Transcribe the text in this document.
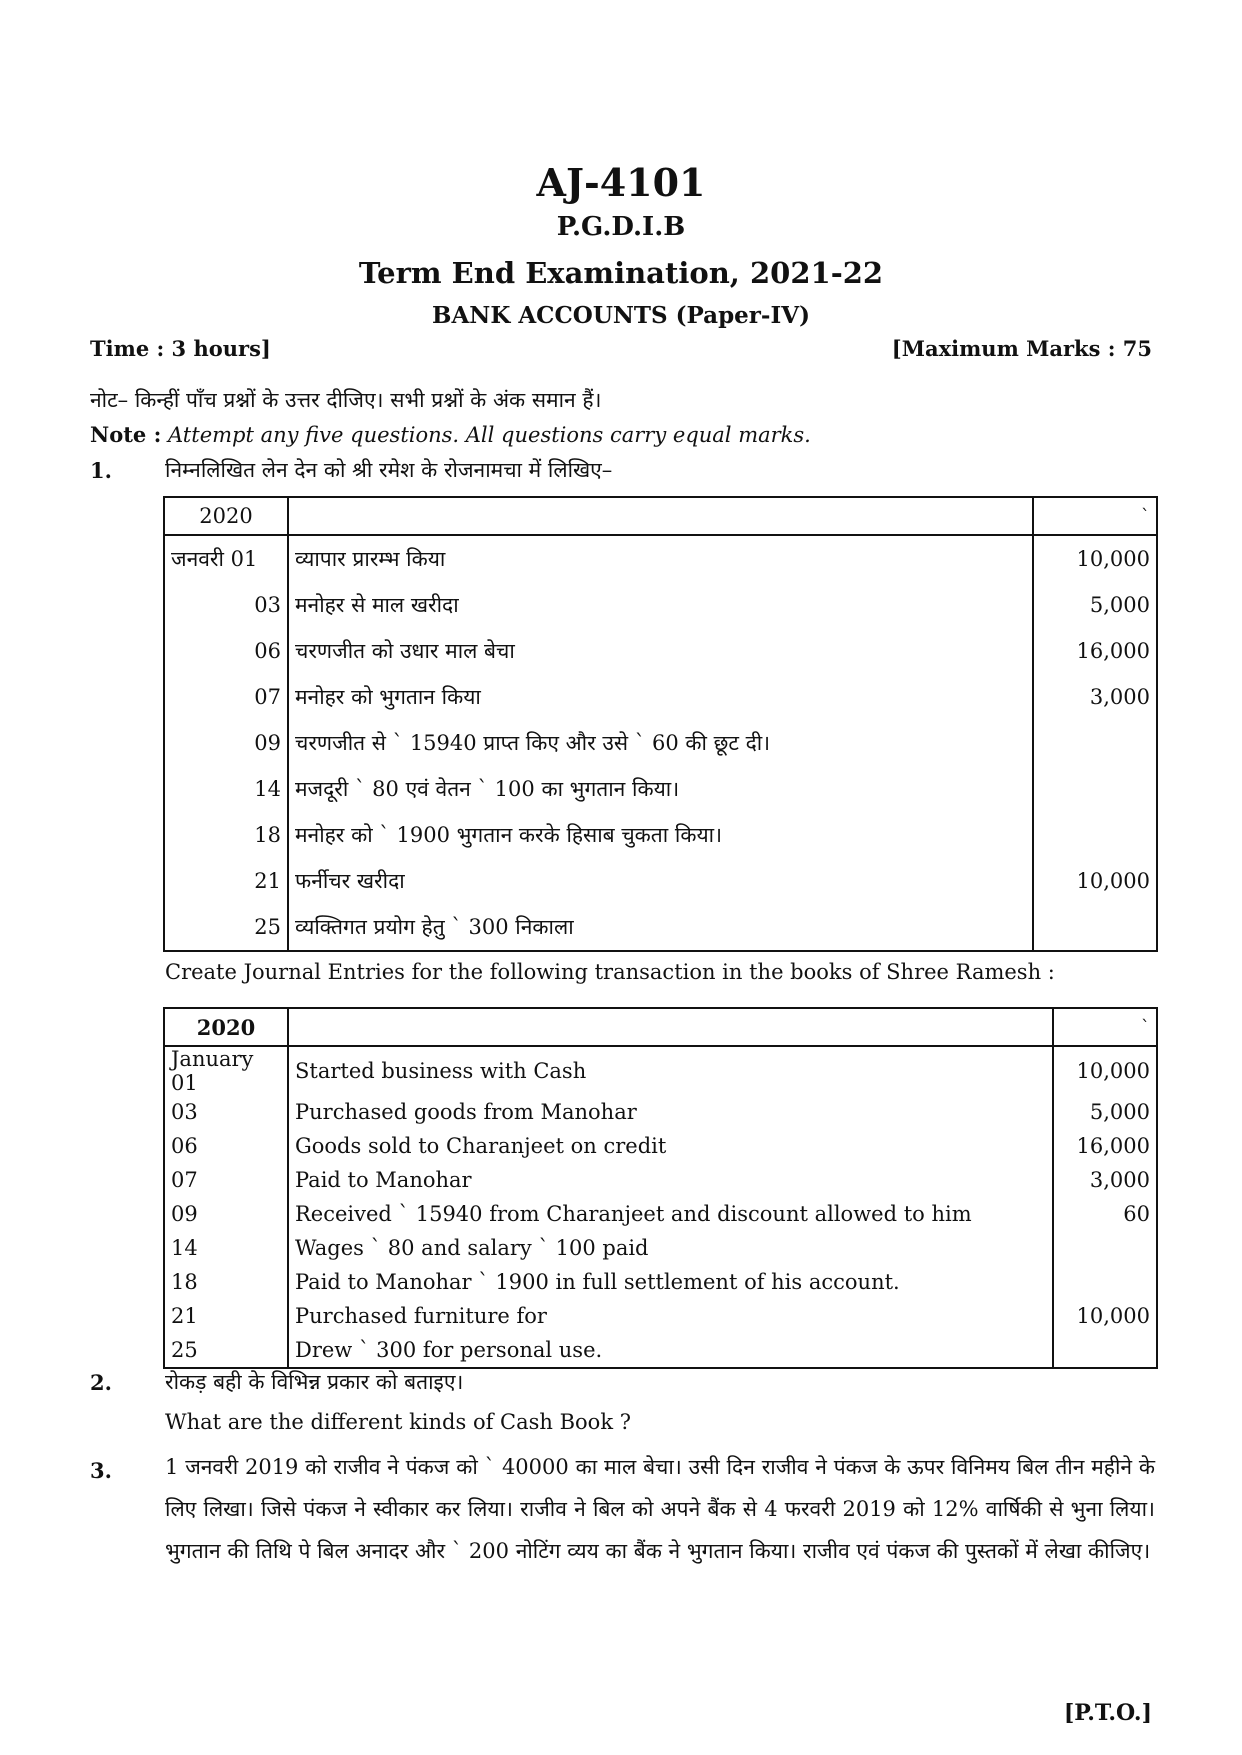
AJ-4101
P.G.D.I.B
Term End Examination, 2021-22
BANK ACCOUNTS (Paper-IV)
Time : 3 hours]	[Maximum Marks : 75
नोट– किन्हीं पाँच प्रश्नों के उत्तर दीजिए। सभी प्रश्नों के अंक समान हैं।
Note : Attempt any five questions. All questions carry equal marks.
1.	निम्नलिखित लेन देन को श्री रमेश के रोजनामचा में लिखिए–
2020		`
जनवरी 01	व्यापार प्रारम्भ किया	10,000
03	मनोहर से माल खरीदा	5,000
06	चरणजीत को उधार माल बेचा	16,000
07	मनोहर को भुगतान किया	3,000
09	चरणजीत से ` 15940 प्राप्त किए और उसे ` 60 की छूट दी।	
14	मजदूरी ` 80 एवं वेतन ` 100 का भुगतान किया।	
18	मनोहर को ` 1900 भुगतान करके हिसाब चुकता किया।	
21	फर्नीचर खरीदा	10,000
25	व्यक्तिगत प्रयोग हेतु ` 300 निकाला	
Create Journal Entries for the following transaction in the books of Shree Ramesh :
2020		`
January 01	Started business with Cash	10,000
03	Purchased goods from Manohar	5,000
06	Goods sold to Charanjeet on credit	16,000
07	Paid to Manohar	3,000
09	Received ` 15940 from Charanjeet and discount allowed to him	60
14	Wages ` 80 and salary ` 100 paid	
18	Paid to Manohar ` 1900 in full settlement of his account.	
21	Purchased furniture for	10,000
25	Drew ` 300 for personal use.	
2.	रोकड़ बही के विभिन्न प्रकार को बताइए।
What are the different kinds of Cash Book ?
3.	1 जनवरी 2019 को राजीव ने पंकज को ` 40000 का माल बेचा। उसी दिन राजीव ने पंकज के ऊपर विनिमय बिल तीन महीने के लिए लिखा। जिसे पंकज ने स्वीकार कर लिया। राजीव ने बिल को अपने बैंक से 4 फरवरी 2019 को 12% वार्षिकी से भुना लिया। भुगतान की तिथि पे बिल अनादर और ` 200 नोटिंग व्यय का बैंक ने भुगतान किया। राजीव एवं पंकज की पुस्तकों में लेखा कीजिए।
[P.T.O.]
